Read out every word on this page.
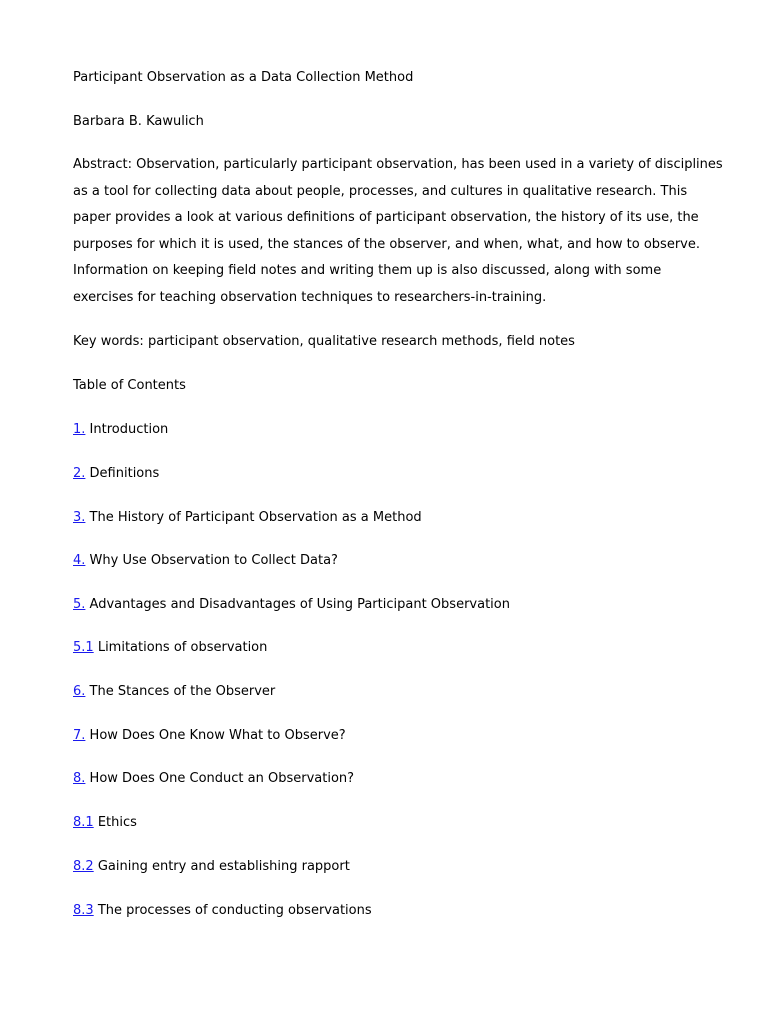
Participant Observation as a Data Collection Method
Barbara B. Kawulich
Abstract: Observation, particularly participant observation, has been used in a variety of disciplines
as a tool for collecting data about people, processes, and cultures in qualitative research. This
paper provides a look at various definitions of participant observation, the history of its use, the
purposes for which it is used, the stances of the observer, and when, what, and how to observe.
Information on keeping field notes and writing them up is also discussed, along with some
exercises for teaching observation techniques to researchers-in-training.
Key words: participant observation, qualitative research methods, field notes
Table of Contents
1. Introduction
2. Definitions
3. The History of Participant Observation as a Method
4. Why Use Observation to Collect Data?
5. Advantages and Disadvantages of Using Participant Observation
5.1 Limitations of observation
6. The Stances of the Observer
7. How Does One Know What to Observe?
8. How Does One Conduct an Observation?
8.1 Ethics
8.2 Gaining entry and establishing rapport
8.3 The processes of conducting observations
